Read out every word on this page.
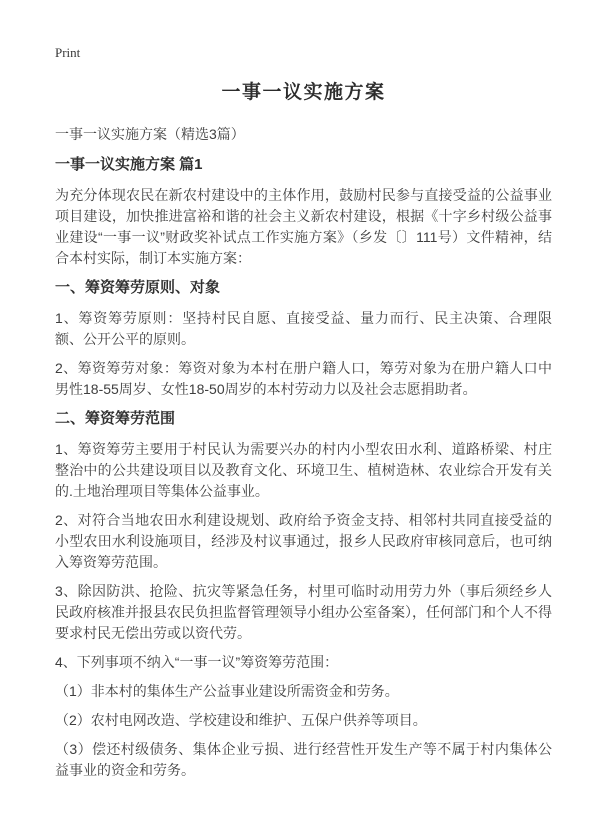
Print
一事一议实施方案

一事一议实施方案（精选3篇）

一事一议实施方案 篇1

为充分体现农民在新农村建设中的主体作用，鼓励村民参与直接受益的公益事业项目建设，加快推进富裕和谐的社会主义新农村建设，根据《十字乡村级公益事业建设“一事一议”财政奖补试点工作实施方案》（乡发〔〕111号）文件精神，结合本村实际，制订本实施方案：

一、筹资筹劳原则、对象

1、筹资筹劳原则：坚持村民自愿、直接受益、量力而行、民主决策、合理限额、公开公平的原则。

2、筹资筹劳对象：筹资对象为本村在册户籍人口，筹劳对象为在册户籍人口中男性18-55周岁、女性18-50周岁的本村劳动力以及社会志愿捐助者。

二、筹资筹劳范围

1、筹资筹劳主要用于村民认为需要兴办的村内小型农田水利、道路桥梁、村庄整治中的公共建设项目以及教育文化、环境卫生、植树造林、农业综合开发有关的.土地治理项目等集体公益事业。

2、对符合当地农田水利建设规划、政府给予资金支持、相邻村共同直接受益的小型农田水利设施项目，经涉及村议事通过，报乡人民政府审核同意后，也可纳入筹资筹劳范围。

3、除因防洪、抢险、抗灾等紧急任务，村里可临时动用劳力外（事后须经乡人民政府核准并报县农民负担监督管理领导小组办公室备案），任何部门和个人不得要求村民无偿出劳或以资代劳。

4、下列事项不纳入“一事一议”筹资筹劳范围：

（1）非本村的集体生产公益事业建设所需资金和劳务。

（2）农村电网改造、学校建设和维护、五保户供养等项目。

（3）偿还村级债务、集体企业亏损、进行经营性开发生产等不属于村内集体公益事业的资金和劳务。
